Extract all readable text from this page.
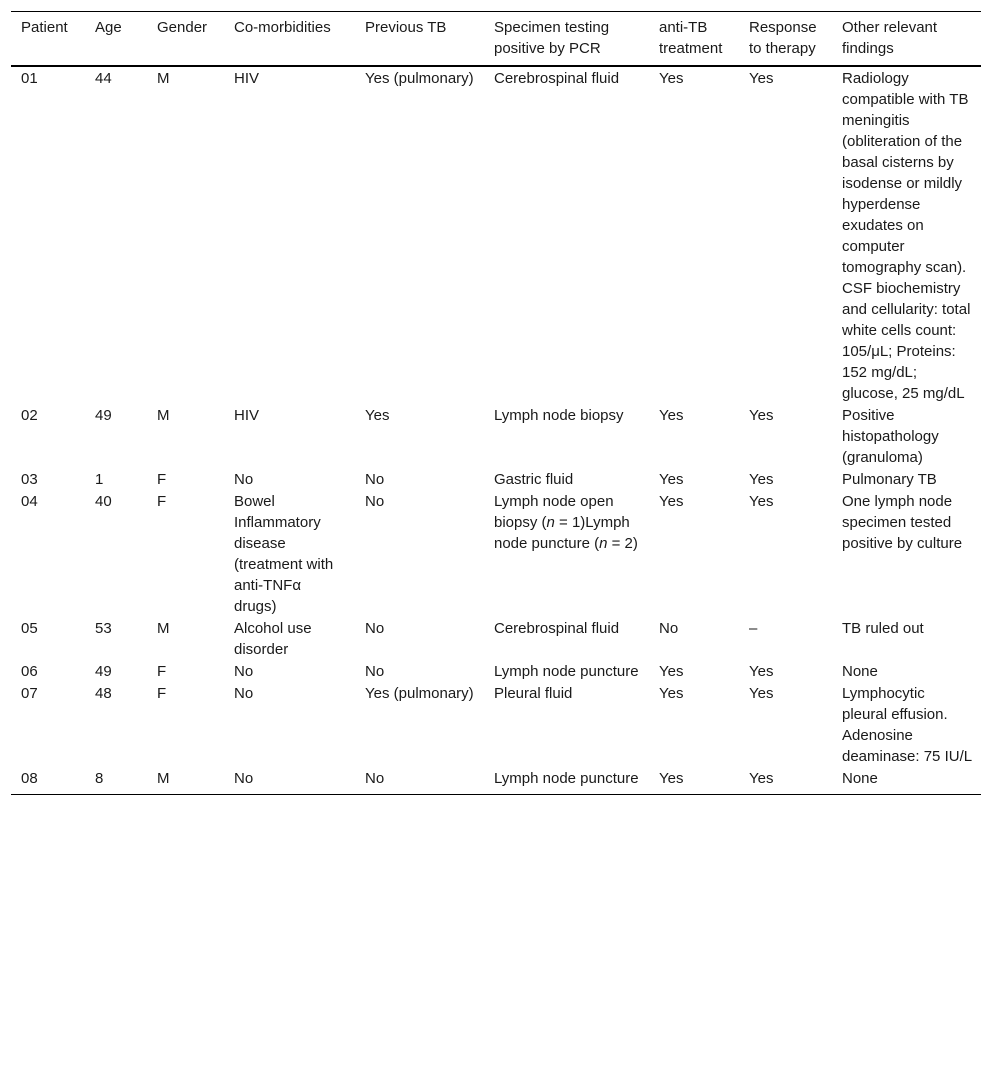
Patient	Age	Gender	Co-morbidities	Previous TB	Specimen testing positive by PCR	anti-TB treatment	Response to therapy	Other relevant findings
01	44	M	HIV	Yes (pulmonary)	Cerebrospinal fluid	Yes	Yes	Radiology compatible with TB meningitis (obliteration of the basal cisterns by isodense or mildly hyperdense exudates on computer tomography scan). CSF biochemistry and cellularity: total white cells count: 105/μL; Proteins: 152 mg/dL; glucose, 25 mg/dL
02	49	M	HIV	Yes	Lymph node biopsy	Yes	Yes	Positive histopathology (granuloma)
03	1	F	No	No	Gastric fluid	Yes	Yes	Pulmonary TB
04	40	F	Bowel Inflammatory disease (treatment with anti-TNFα drugs)	No	Lymph node open biopsy (n = 1)Lymph node puncture (n = 2)	Yes	Yes	One lymph node specimen tested positive by culture
05	53	M	Alcohol use disorder	No	Cerebrospinal fluid	No	–	TB ruled out
06	49	F	No	No	Lymph node puncture	Yes	Yes	None
07	48	F	No	Yes (pulmonary)	Pleural fluid	Yes	Yes	Lymphocytic pleural effusion. Adenosine deaminase: 75 IU/L
08	8	M	No	No	Lymph node puncture	Yes	Yes	None
